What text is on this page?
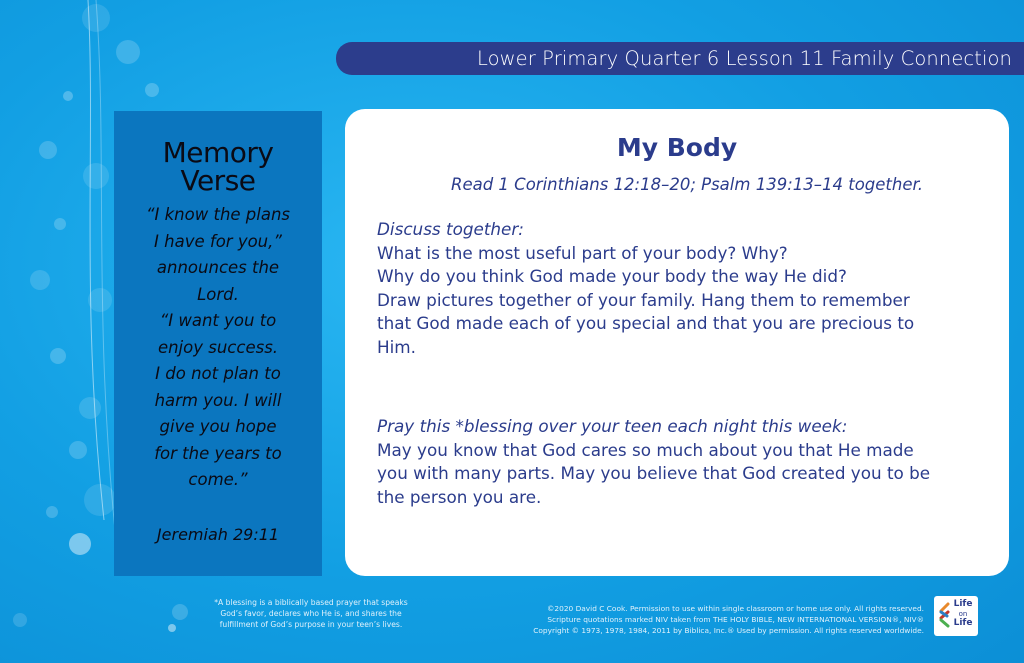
Lower Primary Quarter 6 Lesson 11 Family Connection
Memory
Verse
“I know the plans
I have for you,”
announces the
Lord.
“I want you to
enjoy success.
I do not plan to
harm you. I will
give you hope
for the years to
come.”
Jeremiah 29:11
My Body
Read 1 Corinthians 12:18–20; Psalm 139:13–14 together.
Discuss together:
What is the most useful part of your body? Why?
Why do you think God made your body the way He did?
Draw pictures together of your family. Hang them to remember
that God made each of you special and that you are precious to
Him.
Pray this *blessing over your teen each night this week:
May you know that God cares so much about you that He made
you with many parts. May you believe that God created you to be
the person you are.
*A blessing is a biblically based prayer that speaks
God’s favor, declares who He is, and shares the
fulfillment of God’s purpose in your teen’s lives.
©2020 David C Cook. Permission to use within single classroom or home use only. All rights reserved.
Scripture quotations marked NIV taken from THE HOLY BIBLE, NEW INTERNATIONAL VERSION®, NIV®
Copyright © 1973, 1978, 1984, 2011 by Biblica, Inc.® Used by permission. All rights reserved worldwide.
Life
on
Life
